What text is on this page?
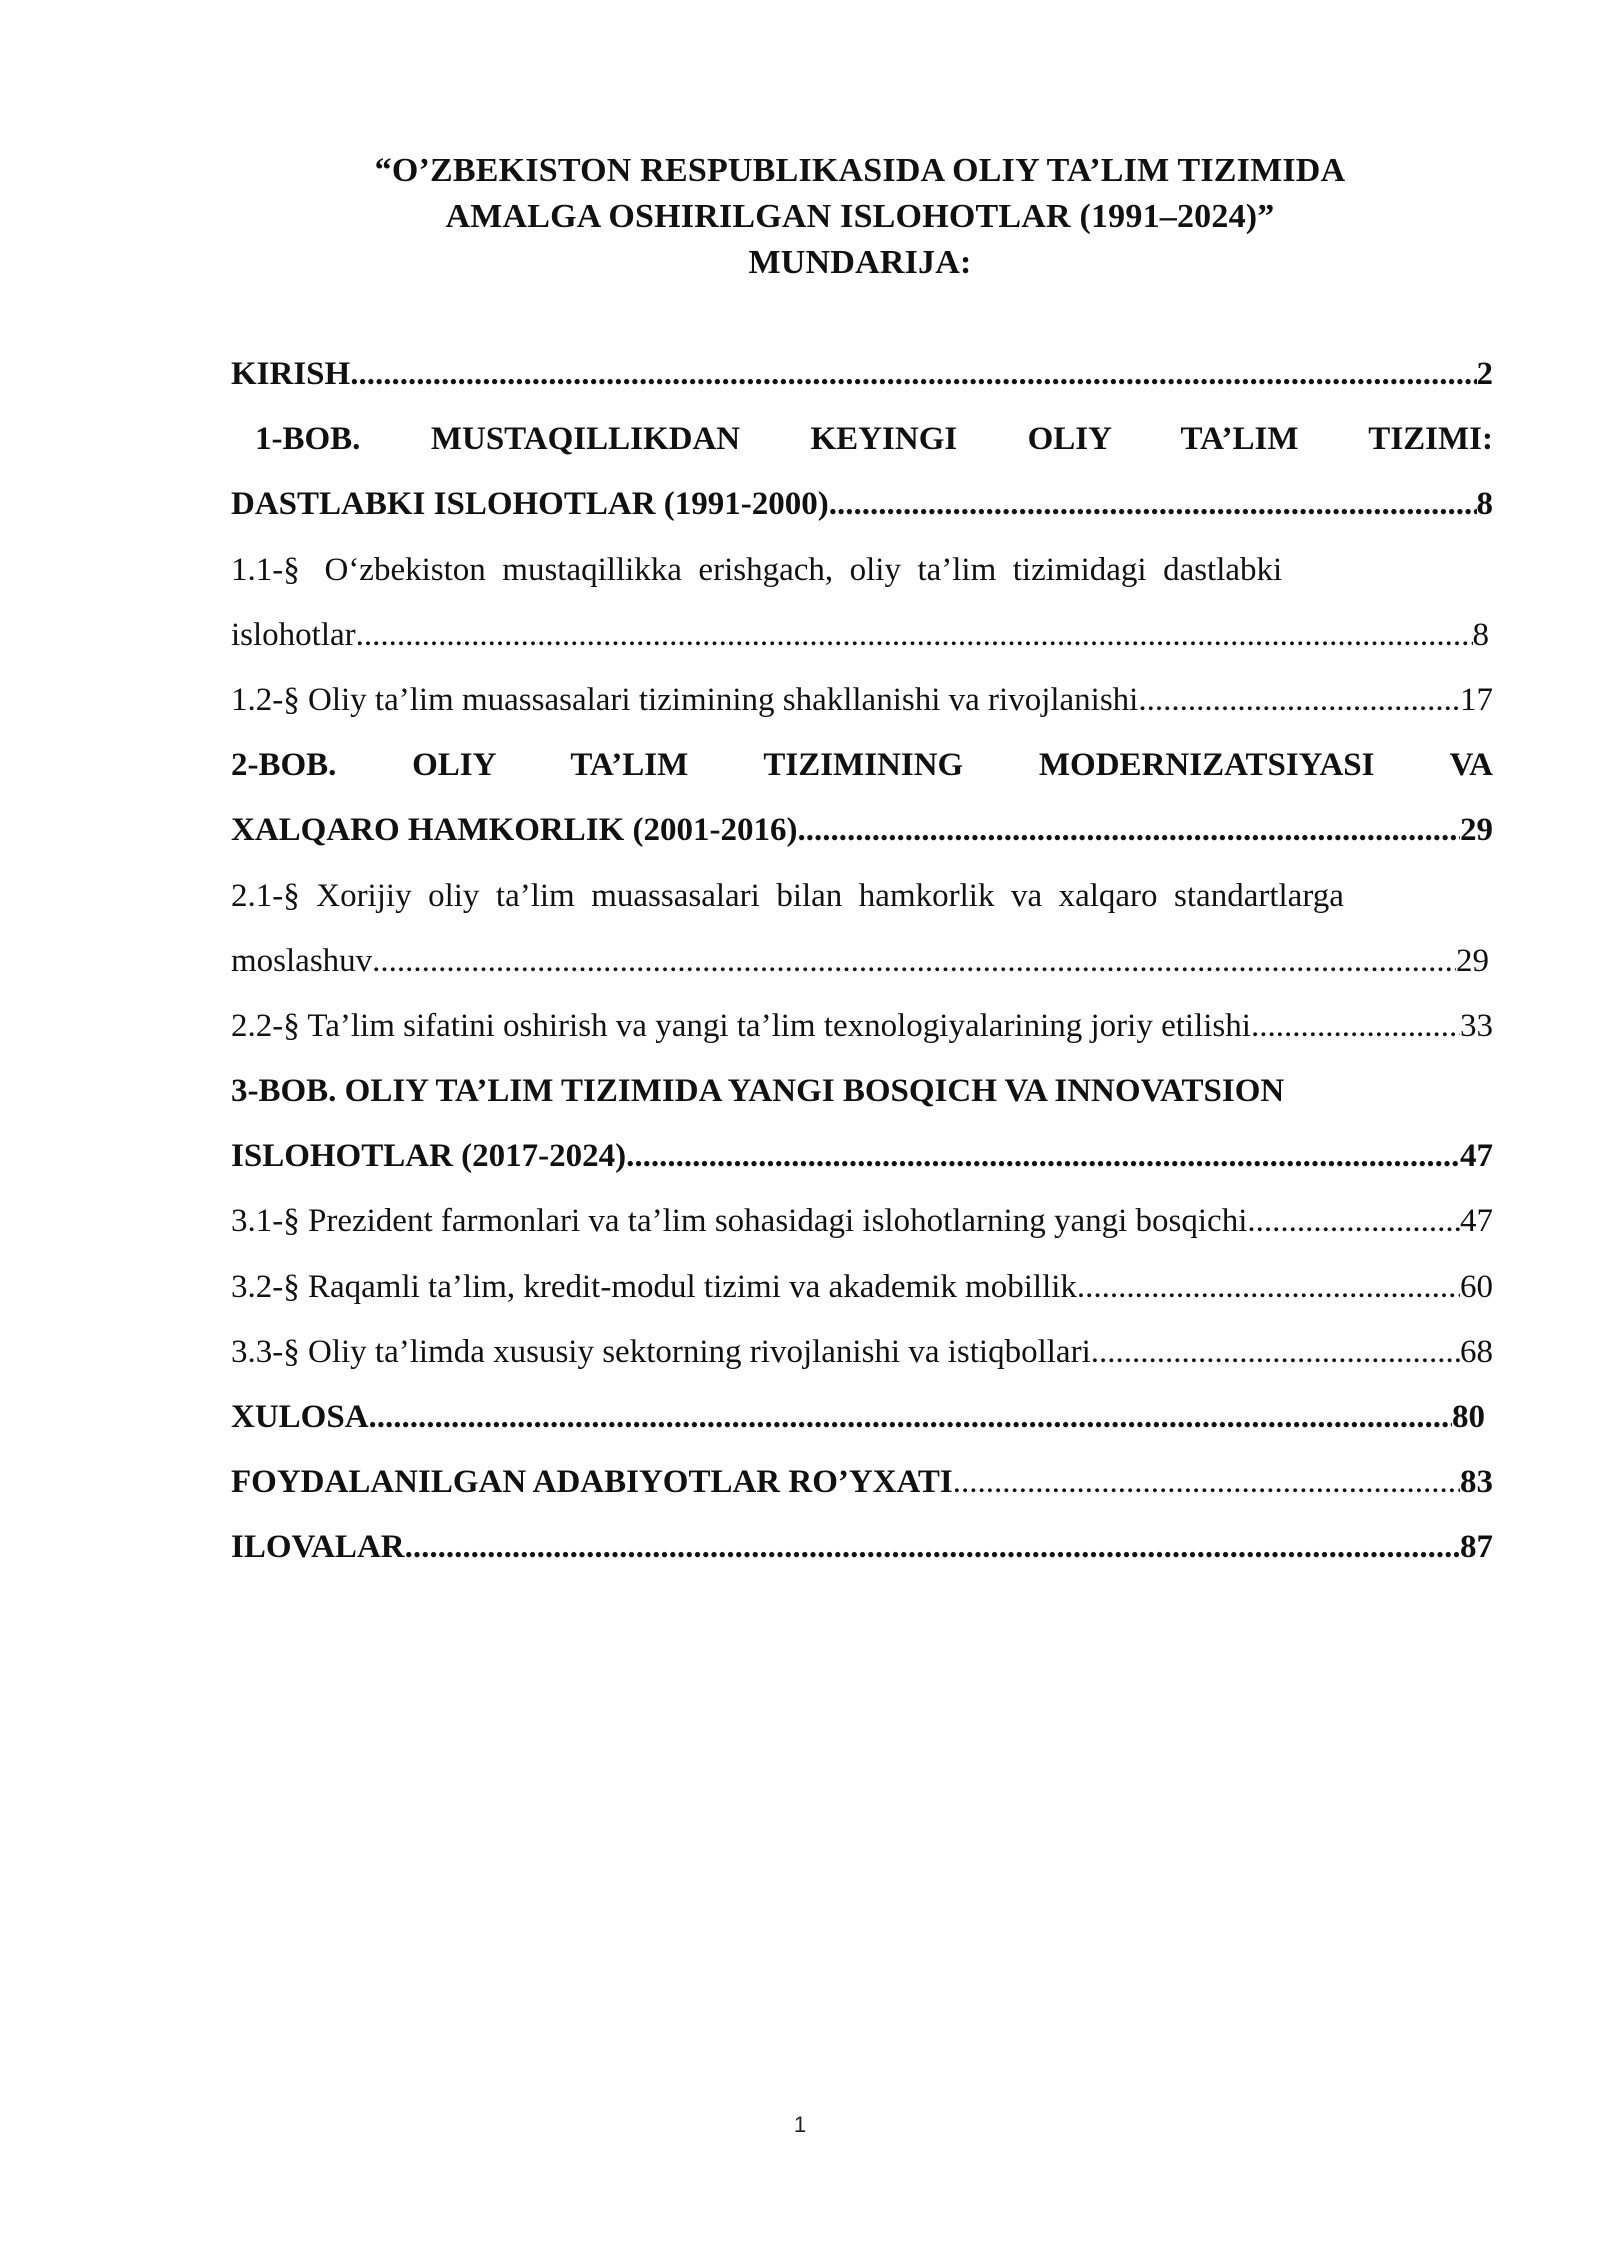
“O’ZBEKISTON RESPUBLIKASIDA OLIY TA’LIM TIZIMIDA
AMALGA OSHIRILGAN ISLOHOTLAR (1991–2024)”
MUNDARIJA:
KIRISH .....	2
1-BOB. MUSTAQILLIKDAN KEYINGI OLIY TA’LIM TIZIMI:
DASTLABKI ISLOHOTLAR (1991-2000) .....	8
1.1-§   O‘zbekiston  mustaqillikka  erishgach,  oliy  ta’lim  tizimidagi  dastlabki
islohotlar .....	8
1.2-§ Oliy ta’lim muassasalari tizimining shakllanishi va rivojlanishi .....	17
2-BOB. OLIY TA’LIM TIZIMINING MODERNIZATSIYASI VA
XALQARO HAMKORLIK (2001-2016) .....	29
2.1-§  Xorijiy  oliy  ta’lim  muassasalari  bilan  hamkorlik  va  xalqaro  standartlarga
moslashuv .....	29
2.2-§ Ta’lim sifatini oshirish va yangi ta’lim texnologiyalarining joriy etilishi .....	33
3-BOB. OLIY TA’LIM TIZIMIDA YANGI BOSQICH VA INNOVATSION
ISLOHOTLAR (2017-2024) .....	47
3.1-§ Prezident farmonlari va ta’lim sohasidagi islohotlarning yangi bosqichi .....	47
3.2-§ Raqamli ta’lim, kredit-modul tizimi va akademik mobillik .....	60
3.3-§ Oliy ta’limda xususiy sektorning rivojlanishi va istiqbollari .....	68
XULOSA .....	80
FOYDALANILGAN ADABIYOTLAR RO’YXATI .....	83
ILOVALAR .....	87
1
